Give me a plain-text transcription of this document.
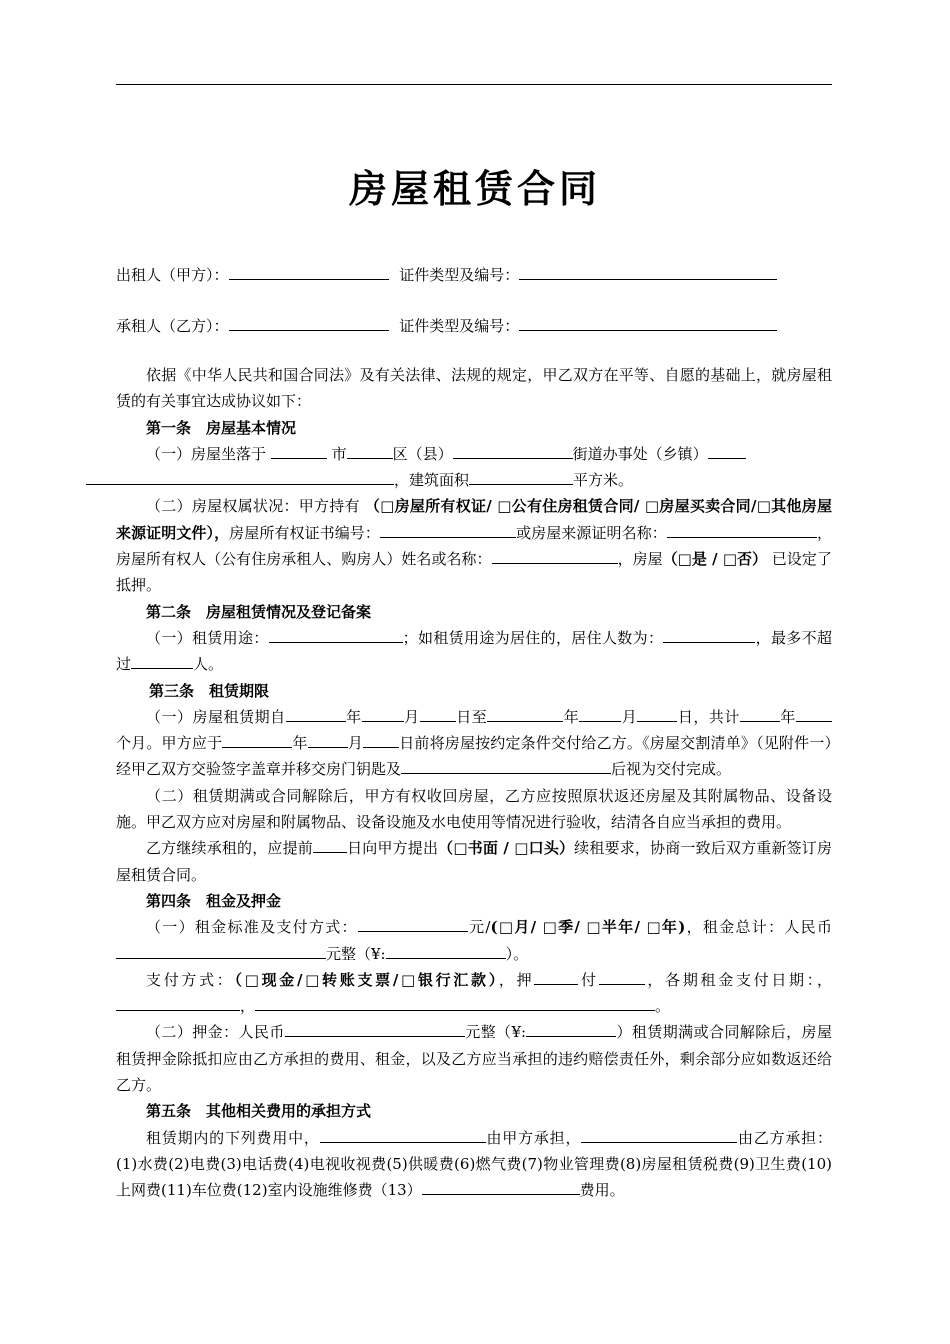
房屋租赁合同
出租人（甲方）：	证件类型及编号：
承租人（乙方）：	证件类型及编号：

依据《中华人民共和国合同法》及有关法律、法规的规定，甲乙双方在平等、自愿的基础上，就房屋租赁的有关事宜达成协议如下：

第一条　房屋基本情况

（一）房屋坐落于	市	区（县）	街道办事处（乡镇）
，建筑面积	平方米。

（二）房屋权属状况：甲方持有 （□房屋所有权证/ □公有住房租赁合同/ □房屋买卖合同/□其他房屋来源证明文件），房屋所有权证书编号：	或房屋来源证明名称：	，房屋所有权人（公有住房承租人、购房人）姓名或名称：	，房屋（□是 / □否） 已设定了抵押。

第二条　房屋租赁情况及登记备案

（一）租赁用途：	；如租赁用途为居住的，居住人数为：	，最多不超过	人。

第三条　租赁期限

（一）房屋租赁期自	年	月 日至	年	月	日，共计	年个月。甲方应于	年	月 日前将房屋按约定条件交付给乙方。《房屋交割清单》（见附件一）经甲乙双方交验签字盖章并移交房门钥匙及	后视为交付完成。

（二）租赁期满或合同解除后，甲方有权收回房屋，乙方应按照原状返还房屋及其附属物品、设备设施。甲乙双方应对房屋和附属物品、设备设施及水电使用等情况进行验收，结清各自应当承担的费用。

乙方继续承租的，应提前 日向甲方提出（□书面 / □口头）续租要求，协商一致后双方重新签订房屋租赁合同。

第四条　租金及押金

（一）租金标准及支付方式：	元/(□月/ □季/ □半年/ □年)，租金总计：人民币元整（¥:	）。

支付方式：（□现金/□转账支票/□银行汇款），押	付	，各期租金支付日期：，，	。

（二）押金：人民币	元整（¥:	）租赁期满或合同解除后，房屋租赁押金除抵扣应由乙方承担的费用、租金，以及乙方应当承担的违约赔偿责任外，剩余部分应如数返还给乙方。

第五条　其他相关费用的承担方式

租赁期内的下列费用中，	由甲方承担，	由乙方承担：(1)水费(2)电费(3)电话费(4)电视收视费(5)供暖费(6)燃气费(7)物业管理费(8)房屋租赁税费(9)卫生费(10)上网费(11)车位费(12)室内设施维修费（13）	费用。
